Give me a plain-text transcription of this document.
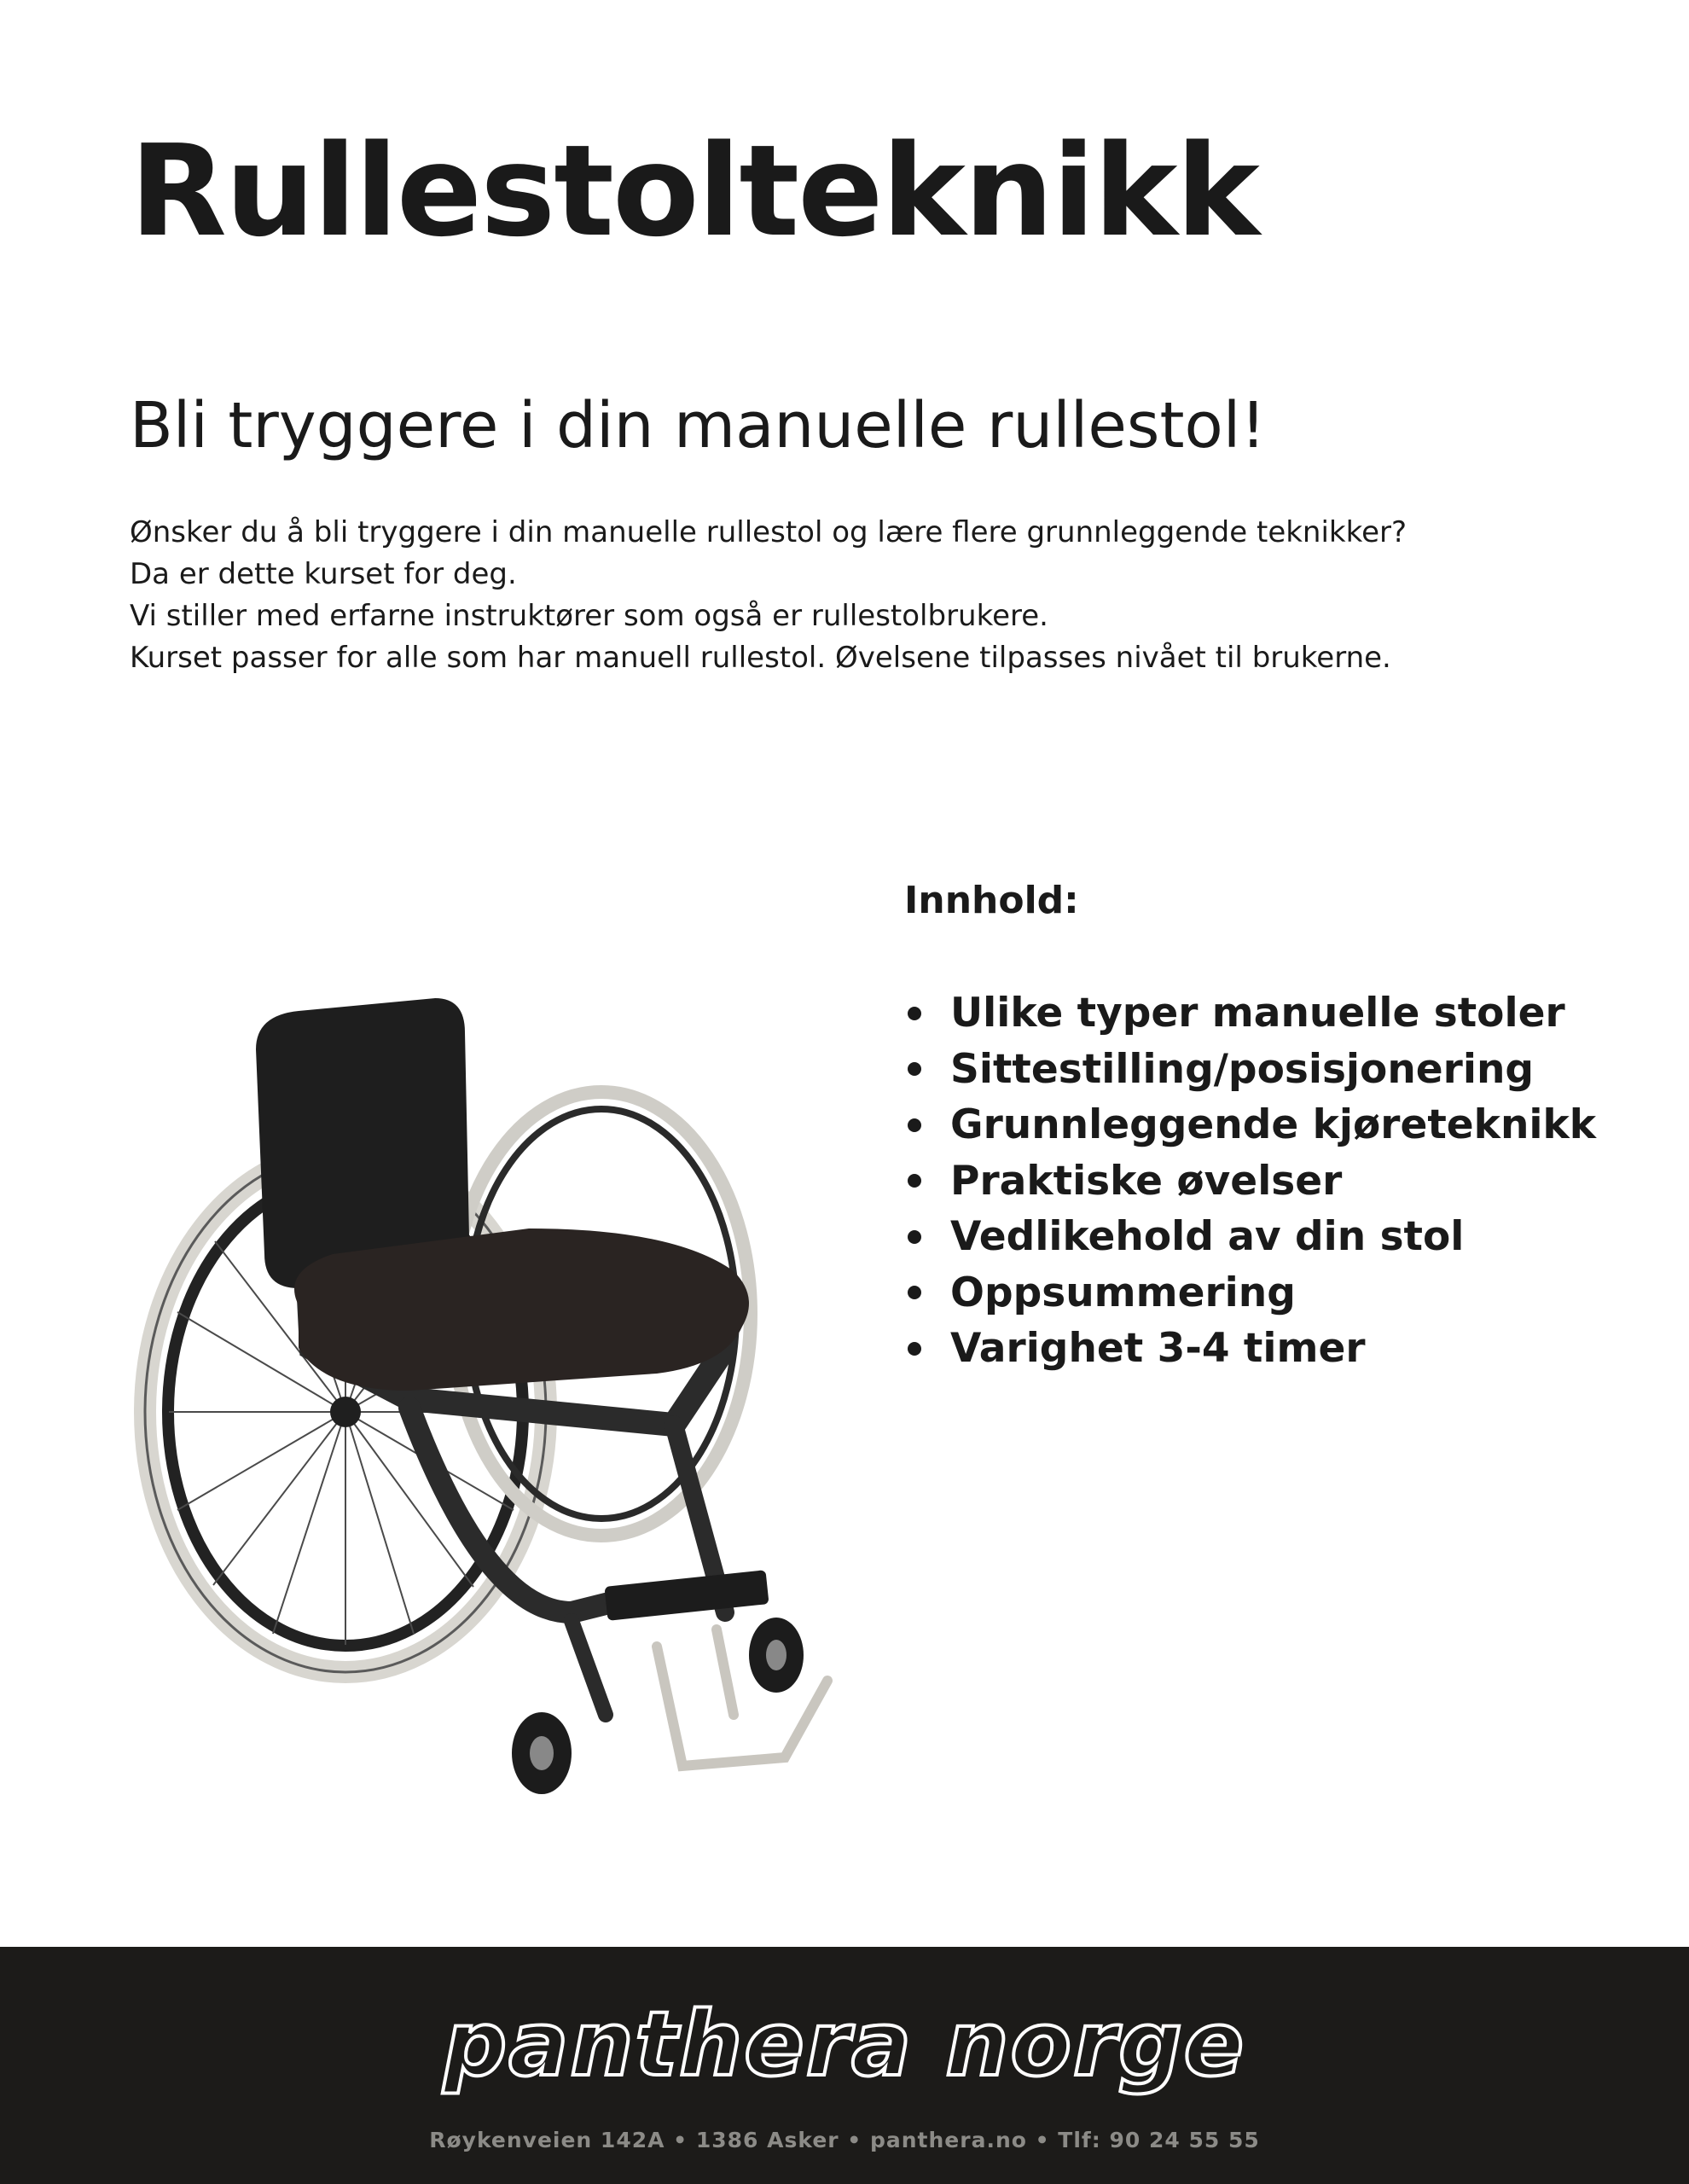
Rullestolteknikk
Bli tryggere i din manuelle rullestol!

Ønsker du å bli tryggere i din manuelle rullestol og lære flere grunnleggende teknikker?

Da er dette kurset for deg.

Vi stiller med erfarne instruktører som også er rullestolbrukere.

Kurset passer for alle som har manuell rullestol. Øvelsene tilpasses nivået til brukerne.

Innhold:
Ulike typer manuelle stoler
Sittestilling/posisjonering
Grunnleggende kjøreteknikk
Praktiske øvelser
Vedlikehold av din stol
Oppsummering
Varighet 3-4 timer
panthera norge
Røykenveien 142A • 1386 Asker • panthera.no • Tlf: 90 24 55 55
